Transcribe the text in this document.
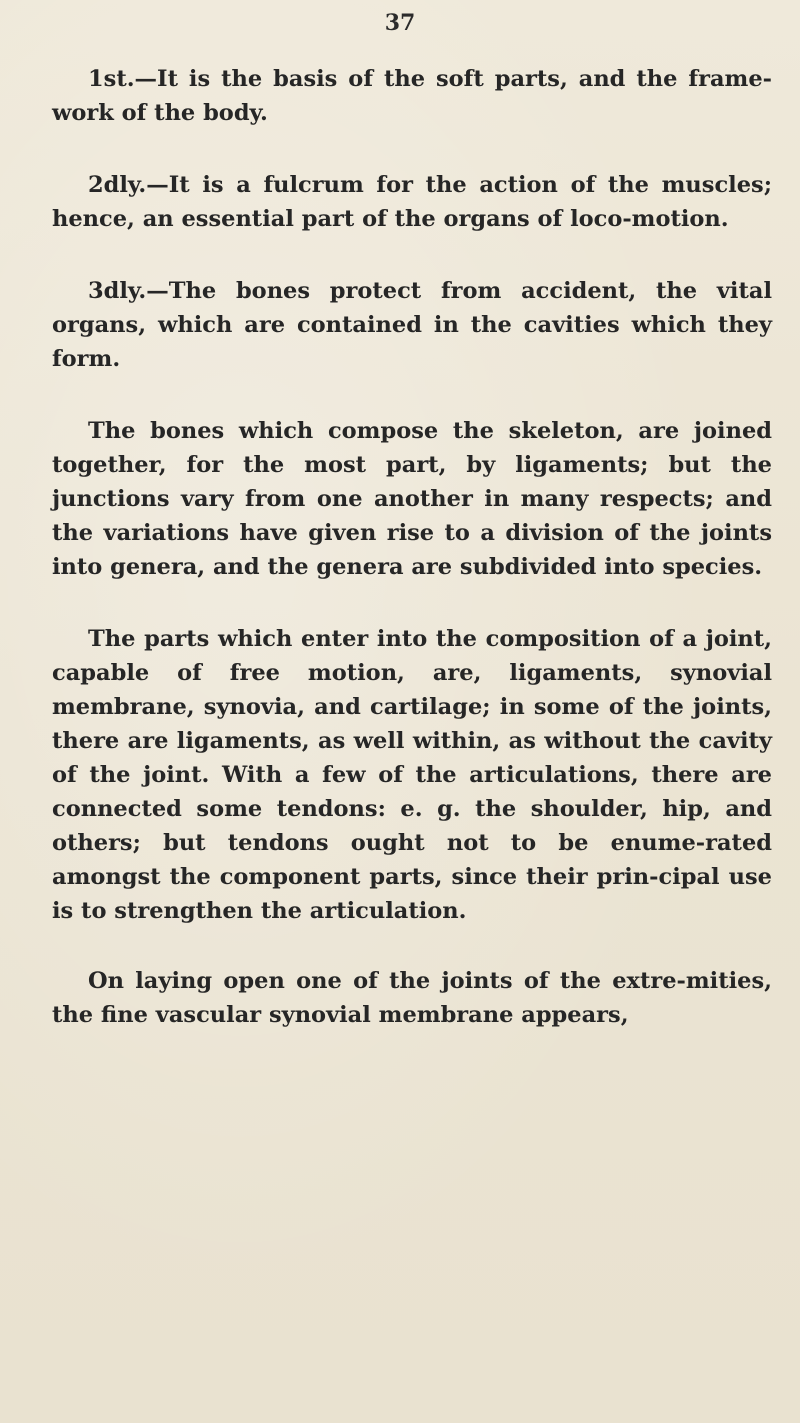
37

1st.—It is the basis of the soft parts, and the frame-work of the body.

2dly.—It is a fulcrum for the action of the muscles; hence, an essential part of the organs of loco-motion.

3dly.—The bones protect from accident, the vital organs, which are contained in the cavities which they form.

The bones which compose the skeleton, are joined together, for the most part, by ligaments; but the junctions vary from one another in many respects; and the variations have given rise to a division of the joints into genera, and the genera are subdivided into species.

The parts which enter into the composition of a joint, capable of free motion, are, ligaments, synovial membrane, synovia, and cartilage; in some of the joints, there are ligaments, as well within, as without the cavity of the joint. With a few of the articulations, there are connected some tendons: e. g. the shoulder, hip, and others; but tendons ought not to be enume-rated amongst the component parts, since their prin-cipal use is to strengthen the articulation.

On laying open one of the joints of the extre-mities, the fine vascular synovial membrane appears,
